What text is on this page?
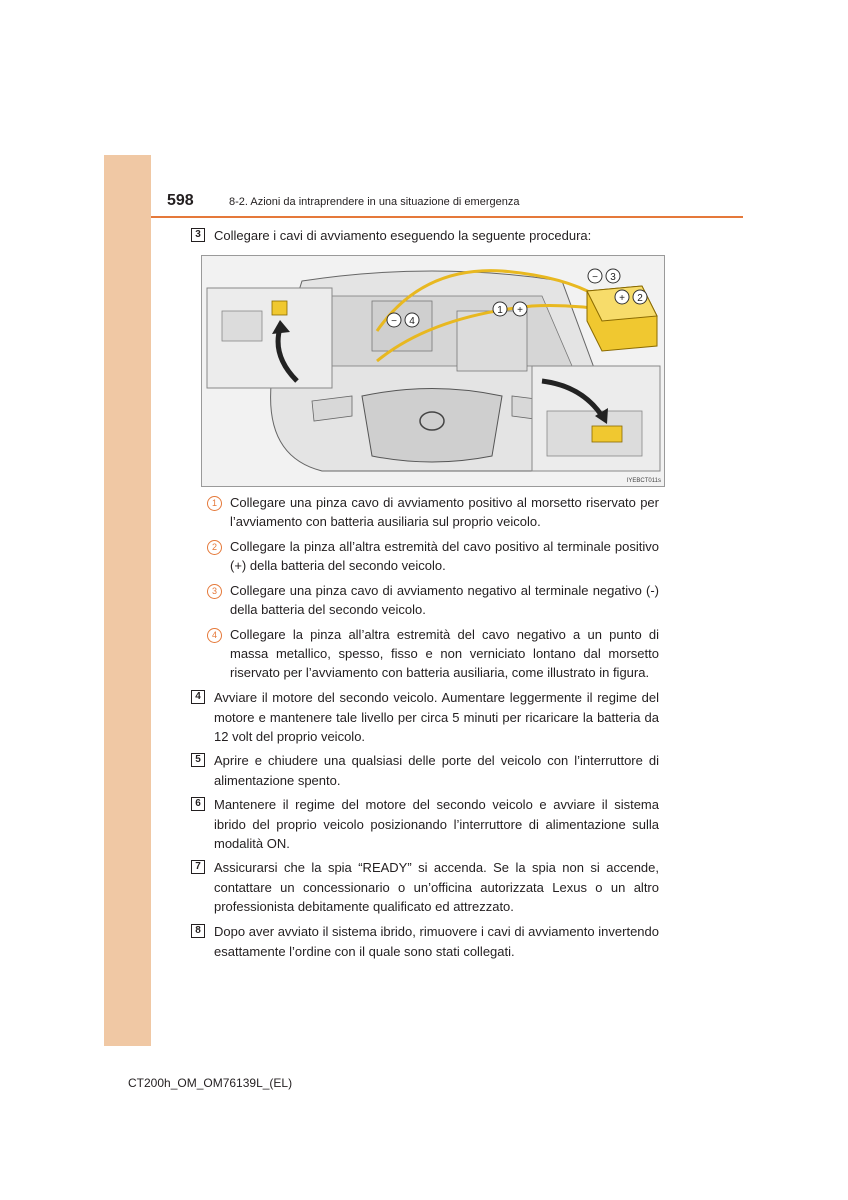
598	8-2. Azioni da intraprendere in una situazione di emergenza
3	Collegare i cavi di avviamento eseguendo la seguente procedura:
1 +
+ 2
− 3
− 4
IYEBCT011s
1	Collegare una pinza cavo di avviamento positivo al morsetto riservato per l’avviamento con batteria ausiliaria sul proprio veicolo.
2	Collegare la pinza all’altra estremità del cavo positivo al terminale positivo (+) della batteria del secondo veicolo.
3	Collegare una pinza cavo di avviamento negativo al terminale negativo (-) della batteria del secondo veicolo.
4	Collegare la pinza all’altra estremità del cavo negativo a un punto di massa metallico, spesso, fisso e non verniciato lontano dal morsetto riservato per l’avviamento con batteria ausiliaria, come illustrato in figura.
4	Avviare il motore del secondo veicolo. Aumentare leggermente il regime del motore e mantenere tale livello per circa 5 minuti per ricaricare la batteria da 12 volt del proprio veicolo.
5	Aprire e chiudere una qualsiasi delle porte del veicolo con l’interruttore di alimentazione spento.
6	Mantenere il regime del motore del secondo veicolo e avviare il sistema ibrido del proprio veicolo posizionando l’interruttore di alimentazione sulla modalità ON.
7	Assicurarsi che la spia “READY” si accenda. Se la spia non si accende, contattare un concessionario o un’officina autorizzata Lexus o un altro professionista debitamente qualificato ed attrezzato.
8	Dopo aver avviato il sistema ibrido, rimuovere i cavi di avviamento invertendo esattamente l’ordine con il quale sono stati collegati.
CT200h_OM_OM76139L_(EL)
